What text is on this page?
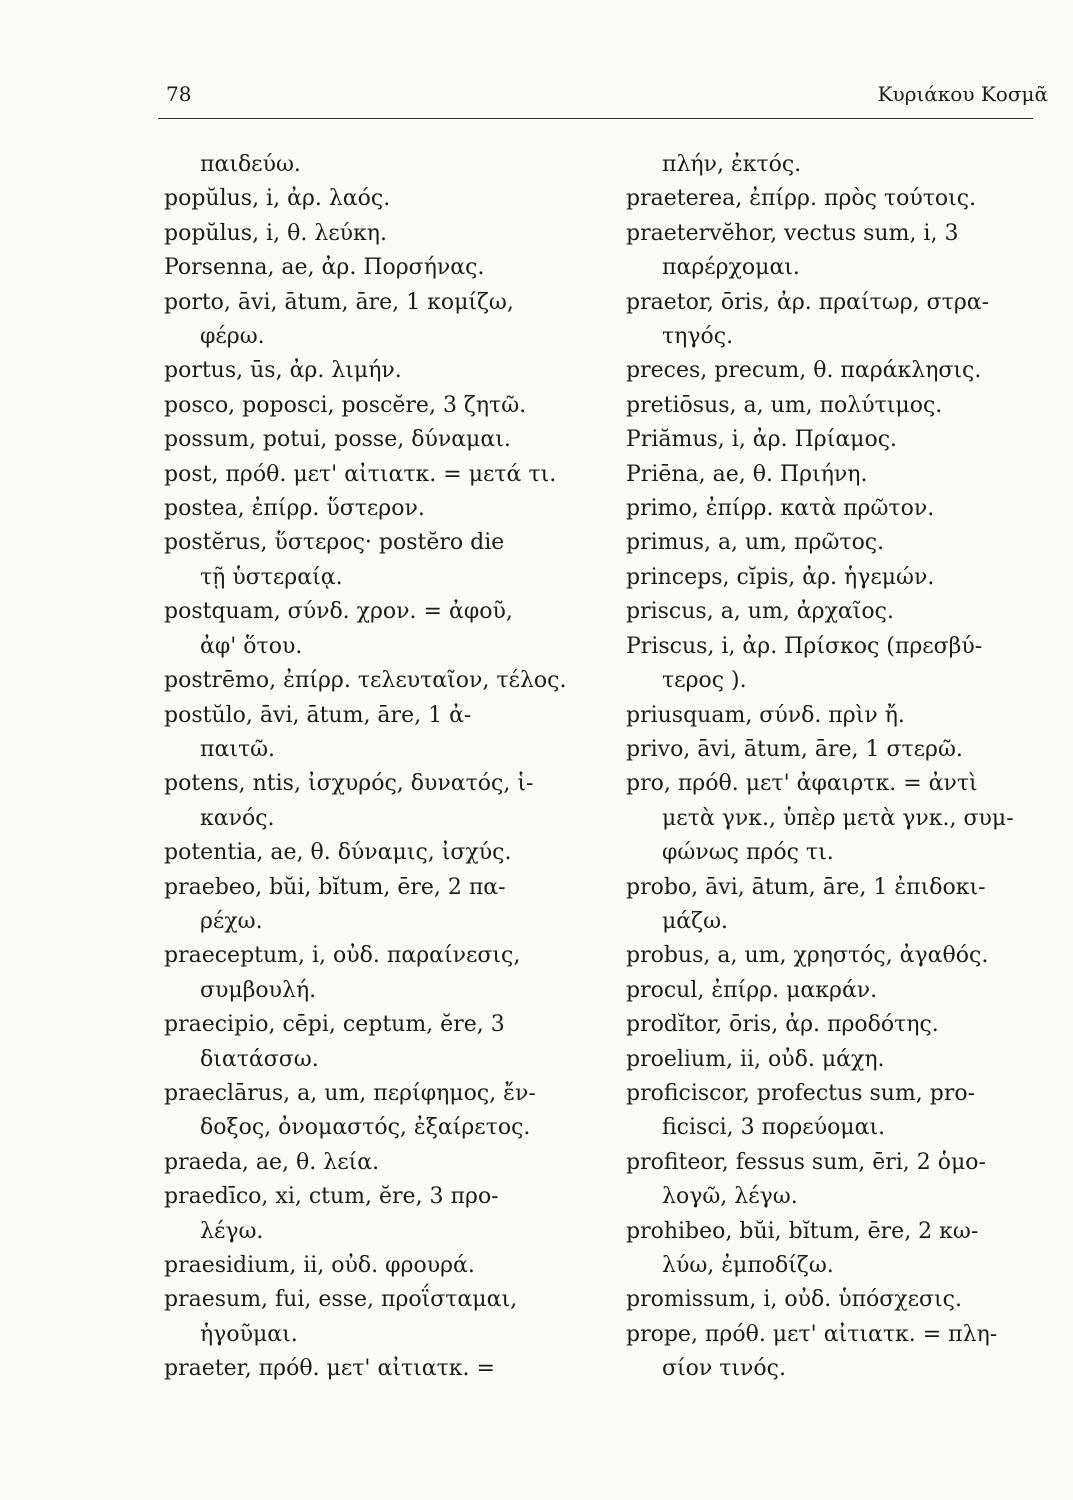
78	Κυριάκου Κοσμᾶ
παιδεύω.
popŭlus, i, ἀρ. λαός.
popŭlus, i, θ. λεύκη.
Porsenna, ae, ἀρ. Πορσήνας.
porto, āvi, ātum, āre, 1 κομίζω,
φέρω.
portus, ūs, ἀρ. λιμήν.
posco, poposci, poscĕre, 3 ζητῶ.
possum, potui, posse, δύναμαι.
post, πρόθ. μετ' αἰτιατκ. = μετά τι.
postea, ἐπίρρ. ὕστερον.
postĕrus, ὕστερος· postĕro die
τῇ ὑστεραίᾳ.
postquam, σύνδ. χρον. = ἀφοῦ,
ἀφ' ὅτου.
postrēmo, ἐπίρρ. τελευταῖον, τέλος.
postŭlo, āvi, ātum, āre, 1 ἀ-
παιτῶ.
potens, ntis, ἰσχυρός, δυνατός, ἱ-
κανός.
potentia, ae, θ. δύναμις, ἰσχύς.
praebeo, bŭi, bĭtum, ēre, 2 πα-
ρέχω.
praeceptum, i, οὐδ. παραίνεσις,
συμβουλή.
praecipio, cēpi, ceptum, ĕre, 3
διατάσσω.
praeclārus, a, um, περίφημος, ἔν-
δοξος, ὀνομαστός, ἐξαίρετος.
praeda, ae, θ. λεία.
praedīco, xi, ctum, ĕre, 3 προ-
λέγω.
praesidium, ii, οὐδ. φρουρά.
praesum, fui, esse, προΐσταμαι,
ἡγοῦμαι.
praeter, πρόθ. μετ' αἰτιατκ. =
πλήν, ἐκτός.
praeterea, ἐπίρρ. πρὸς τούτοις.
praetervĕhor, vectus sum, i, 3
παρέρχομαι.
praetor, ōris, ἀρ. πραίτωρ, στρα-
τηγός.
preces, precum, θ. παράκλησις.
pretiōsus, a, um, πολύτιμος.
Priămus, i, ἀρ. Πρίαμος.
Priēna, ae, θ. Πριήνη.
primo, ἐπίρρ. κατὰ πρῶτον.
primus, a, um, πρῶτος.
princeps, cĭpis, ἀρ. ἡγεμών.
priscus, a, um, ἀρχαῖος.
Priscus, i, ἀρ. Πρίσκος (πρεσβύ-
τερος ).
priusquam, σύνδ. πρὶν ἤ.
privo, āvi, ātum, āre, 1 στερῶ.
pro, πρόθ. μετ' ἀφαιρτκ. = ἀντὶ
μετὰ γνκ., ὑπὲρ μετὰ γνκ., συμ-
φώνως πρός τι.
probo, āvi, ātum, āre, 1 ἐπιδοκι-
μάζω.
probus, a, um, χρηστός, ἀγαθός.
procul, ἐπίρρ. μακράν.
prodĭtor, ōris, ἀρ. προδότης.
proelium, ii, οὐδ. μάχη.
proficiscor, profectus sum, pro-
ficisci, 3 πορεύομαι.
profiteor, fessus sum, ēri, 2 ὁμο-
λογῶ, λέγω.
prohibeo, bŭi, bĭtum, ēre, 2 κω-
λύω, ἐμποδίζω.
promissum, i, οὐδ. ὑπόσχεσις.
prope, πρόθ. μετ' αἰτιατκ. = πλη-
σίον τινός.
